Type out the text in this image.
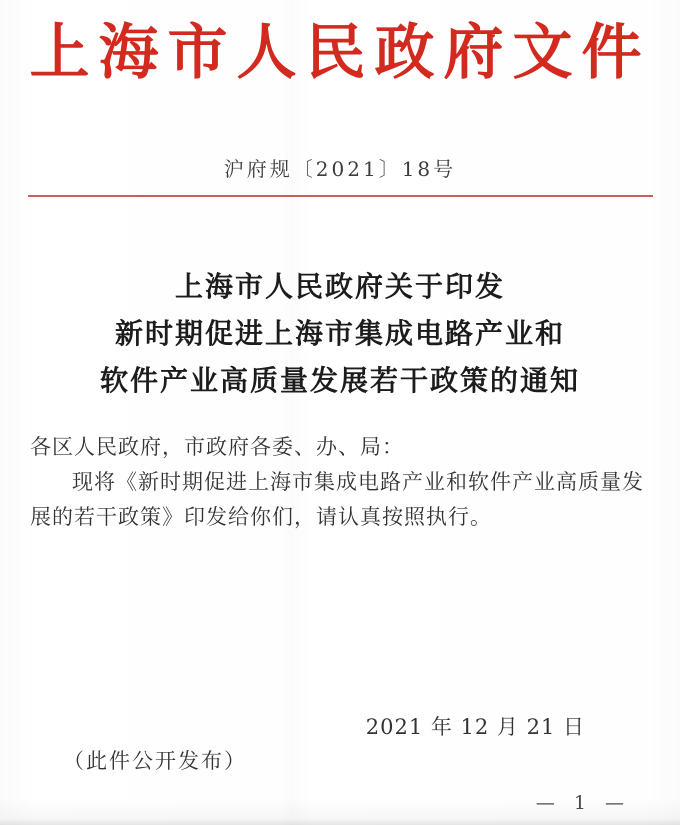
上海市人民政府文件
沪府规〔2021〕18号
上海市人民政府关于印发
新时期促进上海市集成电路产业和
软件产业高质量发展若干政策的通知
各区人民政府，市政府各委、办、局：
现将《新时期促进上海市集成电路产业和软件产业高质量发
展的若干政策》印发给你们，请认真按照执行。
2021 年 12 月 21 日
（此件公开发布）
— 1 —
